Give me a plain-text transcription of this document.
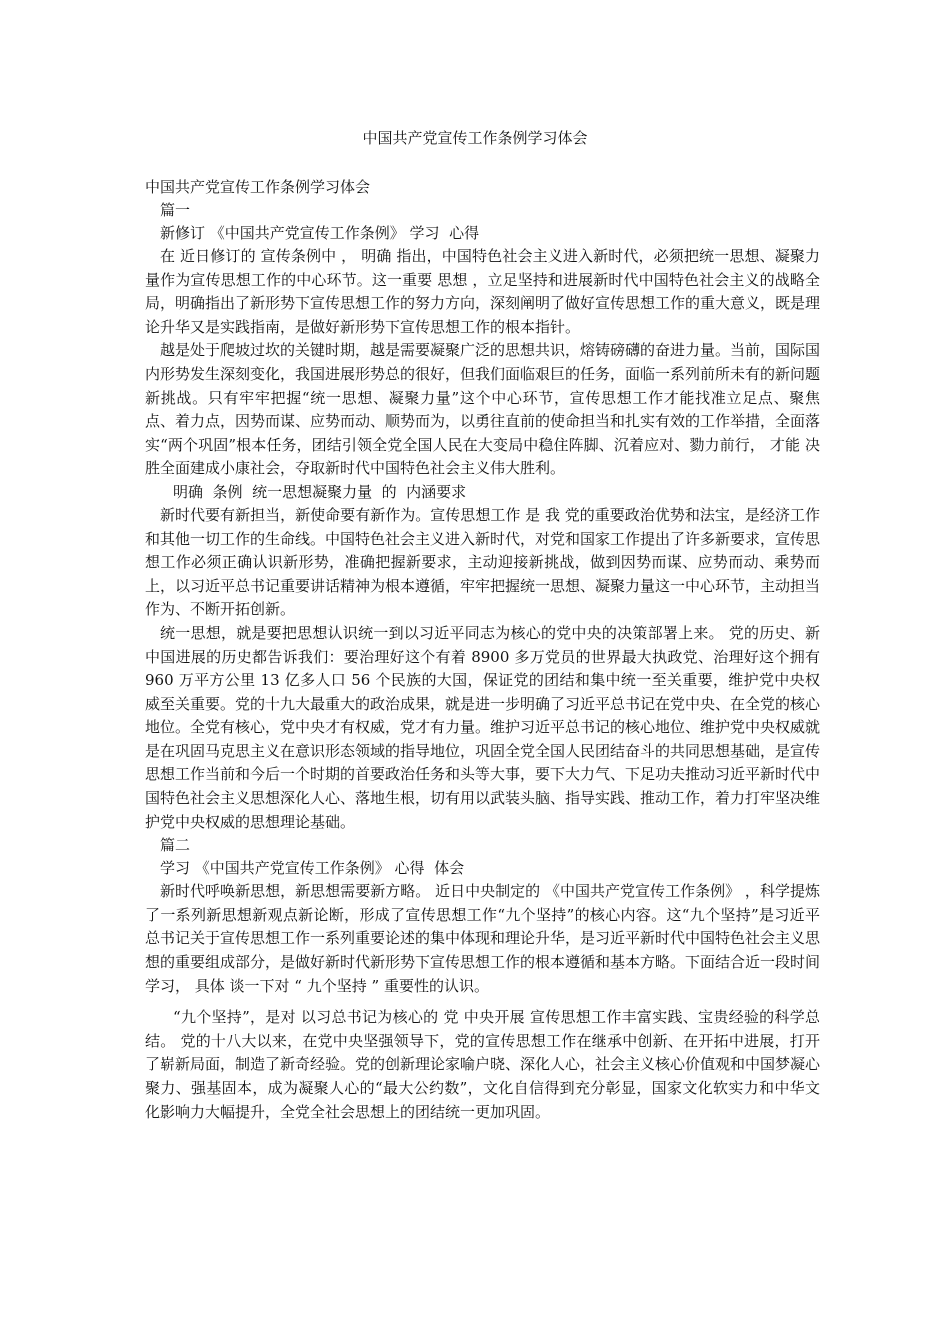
中国共产党宣传工作条例学习体会

中国共产党宣传工作条例学习体会

篇一

新修订 《中国共产党宣传工作条例》 学习  心得

在 近日修订的 宣传条例中 ， 明确 指出，中国特色社会主义进入新时代，必须把统一思想、凝聚力量作为宣传思想工作的中心环节。这一重要 思想 ，立足坚持和进展新时代中国特色社会主义的战略全局，明确指出了新形势下宣传思想工作的努力方向，深刻阐明了做好宣传思想工作的重大意义，既是理论升华又是实践指南，是做好新形势下宣传思想工作的根本指针。

越是处于爬坡过坎的关键时期，越是需要凝聚广泛的思想共识，熔铸磅礴的奋进力量。当前，国际国内形势发生深刻变化，我国进展形势总的很好，但我们面临艰巨的任务，面临一系列前所未有的新问题新挑战。只有牢牢把握“统一思想、凝聚力量”这个中心环节，宣传思想工作才能找准立足点、聚焦点、着力点，因势而谋、应势而动、顺势而为，以勇往直前的使命担当和扎实有效的工作举措，全面落实“两个巩固”根本任务，团结引领全党全国人民在大变局中稳住阵脚、沉着应对、勠力前行， 才能 决胜全面建成小康社会，夺取新时代中国特色社会主义伟大胜利。

明确  条例  统一思想凝聚力量  的  内涵要求

新时代要有新担当，新使命要有新作为。宣传思想工作 是 我 党的重要政治优势和法宝，是经济工作和其他一切工作的生命线。中国特色社会主义进入新时代，对党和国家工作提出了许多新要求，宣传思想工作必须正确认识新形势，准确把握新要求，主动迎接新挑战，做到因势而谋、应势而动、乘势而上，以习近平总书记重要讲话精神为根本遵循，牢牢把握统一思想、凝聚力量这一中心环节，主动担当作为、不断开拓创新。

统一思想，就是要把思想认识统一到以习近平同志为核心的党中央的决策部署上来。 党的历史、新中国进展的历史都告诉我们：要治理好这个有着 8900 多万党员的世界最大执政党、治理好这个拥有 960 万平方公里 13 亿多人口 56 个民族的大国，保证党的团结和集中统一至关重要，维护党中央权威至关重要。党的十九大最重大的政治成果，就是进一步明确了习近平总书记在党中央、在全党的核心地位。全党有核心，党中央才有权威，党才有力量。维护习近平总书记的核心地位、维护党中央权威就是在巩固马克思主义在意识形态领域的指导地位，巩固全党全国人民团结奋斗的共同思想基础，是宣传思想工作当前和今后一个时期的首要政治任务和头等大事，要下大力气、下足功夫推动习近平新时代中国特色社会主义思想深化人心、落地生根，切有用以武装头脑、指导实践、推动工作，着力打牢坚决维护党中央权威的思想理论基础。

篇二

学习 《中国共产党宣传工作条例》 心得  体会

新时代呼唤新思想，新思想需要新方略。 近日中央制定的 《中国共产党宣传工作条例》 ，科学提炼了一系列新思想新观点新论断，形成了宣传思想工作“九个坚持”的核心内容。这“九个坚持”是习近平总书记关于宣传思想工作一系列重要论述的集中体现和理论升华，是习近平新时代中国特色社会主义思想的重要组成部分，是做好新时代新形势下宣传思想工作的根本遵循和基本方略。下面结合近一段时间学习， 具体 谈一下对 “ 九个坚持 ” 重要性的认识。

“九个坚持”，是对 以习总书记为核心的 党 中央开展 宣传思想工作丰富实践、宝贵经验的科学总结。 党的十八大以来，在党中央坚强领导下，党的宣传思想工作在继承中创新、在开拓中进展，打开了崭新局面，制造了新奇经验。党的创新理论家喻户晓、深化人心，社会主义核心价值观和中国梦凝心聚力、强基固本，成为凝聚人心的“最大公约数”，文化自信得到充分彰显，国家文化软实力和中华文化影响力大幅提升，全党全社会思想上的团结统一更加巩固。
